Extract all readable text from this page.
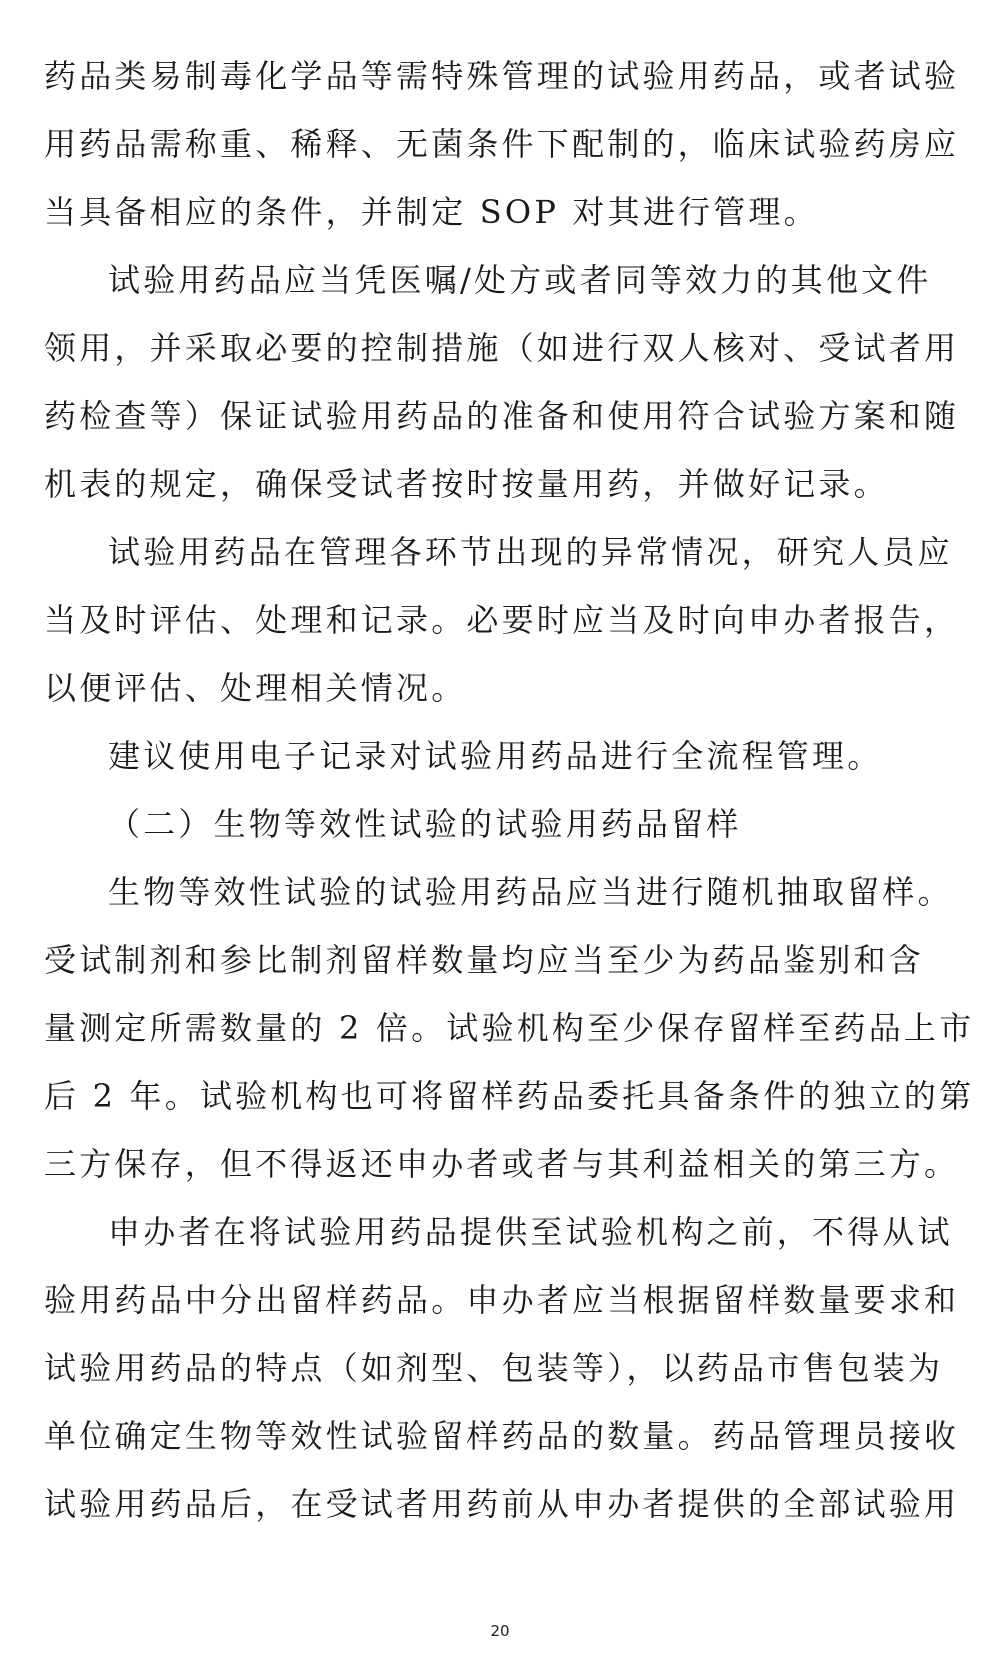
药品类易制毒化学品等需特殊管理的试验用药品，或者试验
用药品需称重、稀释、无菌条件下配制的，临床试验药房应
当具备相应的条件，并制定 SOP 对其进行管理。
试验用药品应当凭医嘱/处方或者同等效力的其他文件
领用，并采取必要的控制措施（如进行双人核对、受试者用
药检查等）保证试验用药品的准备和使用符合试验方案和随
机表的规定，确保受试者按时按量用药，并做好记录。
试验用药品在管理各环节出现的异常情况，研究人员应
当及时评估、处理和记录。必要时应当及时向申办者报告，
以便评估、处理相关情况。
建议使用电子记录对试验用药品进行全流程管理。
（二）生物等效性试验的试验用药品留样
生物等效性试验的试验用药品应当进行随机抽取留样。
受试制剂和参比制剂留样数量均应当至少为药品鉴别和含
量测定所需数量的 2 倍。试验机构至少保存留样至药品上市
后 2 年。试验机构也可将留样药品委托具备条件的独立的第
三方保存，但不得返还申办者或者与其利益相关的第三方。
申办者在将试验用药品提供至试验机构之前，不得从试
验用药品中分出留样药品。申办者应当根据留样数量要求和
试验用药品的特点（如剂型、包装等），以药品市售包装为
单位确定生物等效性试验留样药品的数量。药品管理员接收
试验用药品后，在受试者用药前从申办者提供的全部试验用
20
